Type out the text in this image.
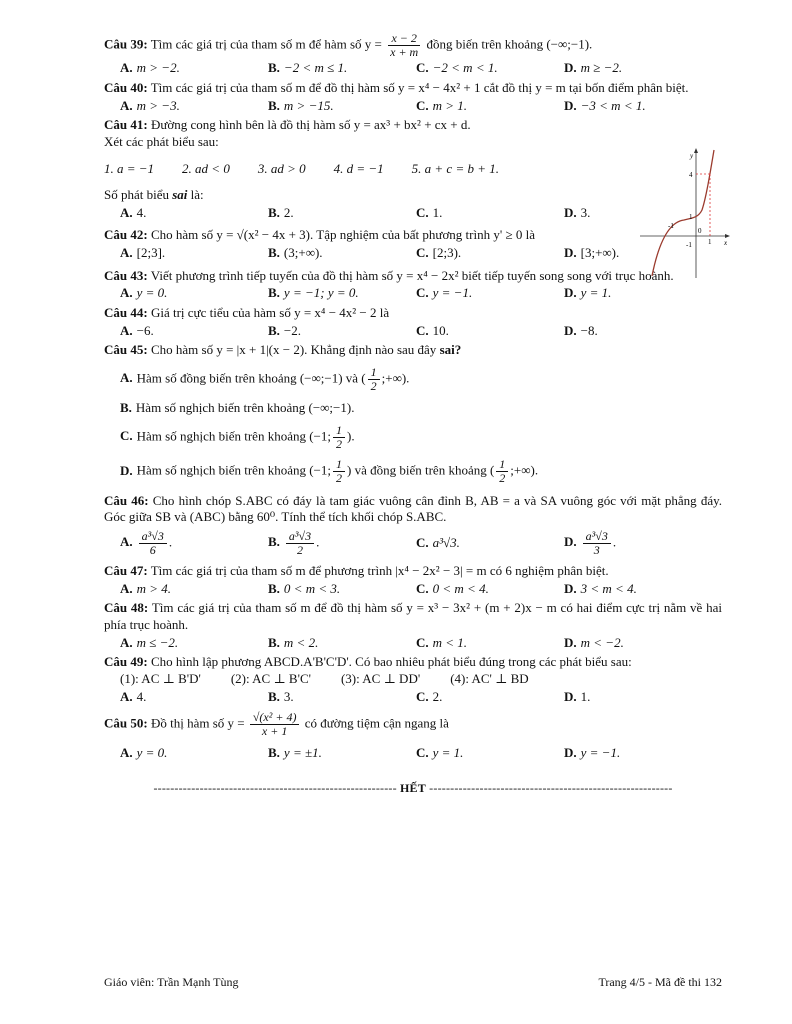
Câu 39: Tìm các giá trị của tham số m để hàm số $y = \frac{x - 2}{x + m}$ đồng biến trên khoảng (−∞;−1).
A. m > −2.	B. −2 < m ≤ 1.	C. −2 < m < 1.	D. m ≥ −2.
Câu 40: Tìm các giá trị của tham số m để đồ thị hàm số y = x⁴ − 4x² + 1 cắt đồ thị y = m tại bốn điểm phân biệt.
A. m > −3.	B. m > −15.	C. m > 1.	D. −3 < m < 1.
Câu 41: Đường cong hình bên là đồ thị hàm số y = ax³ + bx² + cx + d.
Xét các phát biểu sau:
1. a = −1 2. ad < 0 3. ad > 0 4. d = −1 5. a + c = b + 1.
Số phát biểu sai là:
A. 4.	B. 2.	C. 1.	D. 3.
y
x
4
1
0
-1
1
-1
Câu 42: Cho hàm số y = √(x² − 4x + 3). Tập nghiệm của bất phương trình y' ≥ 0 là
A. [2;3].	B. (3;+∞).	C. [2;3).	D. [3;+∞).
Câu 43: Viết phương trình tiếp tuyến của đồ thị hàm số y = x⁴ − 2x² biết tiếp tuyến song song với trục hoành.
A. y = 0.	B. y = −1; y = 0.	C. y = −1.	D. y = 1.
Câu 44: Giá trị cực tiểu của hàm số y = x⁴ − 4x² − 2 là
A. −6.	B. −2.	C. 10.	D. −8.
Câu 45: Cho hàm số y = |x + 1|(x − 2). Khẳng định nào sau đây sai?
A. Hàm số đồng biến trên khoảng (−∞;−1) và ( $\frac{1}{2}$ ;+∞).
B. Hàm số nghịch biến trên khoảng (−∞;−1).
C. Hàm số nghịch biến trên khoảng (−1; $\frac{1}{2}$ ).
D. Hàm số nghịch biến trên khoảng (−1; $\frac{1}{2}$ ) và đồng biến trên khoảng ( $\frac{1}{2}$ ;+∞).
Câu 46: Cho hình chóp S.ABC có đáy là tam giác vuông cân đỉnh B, AB = a và SA vuông góc với mặt phẳng đáy. Góc giữa SB và (ABC) bằng 60⁰. Tính thể tích khối chóp S.ABC.
A. $\frac{\text{a³√3}}{6}$ .	B. $\frac{\text{a³√3}}{2}$ .	C. a³√3.	D. $\frac{\text{a³√3}}{3}$ .
Câu 47: Tìm các giá trị của tham số m để phương trình |x⁴ − 2x² − 3| = m có 6 nghiệm phân biệt.
A. m > 4.	B. 0 < m < 3.	C. 0 < m < 4.	D. 3 < m < 4.
Câu 48: Tìm các giá trị của tham số m để đồ thị hàm số y = x³ − 3x² + (m + 2)x − m có hai điểm cực trị nằm về hai phía trục hoành.
A. m ≤ −2.	B. m < 2.	C. m < 1.	D. m < −2.
Câu 49: Cho hình lập phương ABCD.A'B'C'D'. Có bao nhiêu phát biểu đúng trong các phát biểu sau:
(1): AC ⊥ B'D' (2): AC ⊥ B'C' (3): AC ⊥ DD' (4): AC' ⊥ BD
A. 4.	B. 3.	C. 2.	D. 1.
Câu 50: Đồ thị hàm số $y = \frac{\text{√(x² + 4)}}{x + 1}$ có đường tiệm cận ngang là
A. y = 0.	B. y = ±1.	C. y = 1.	D. y = −1.
---------------------------------------------------------- HẾT ----------------------------------------------------------
Giáo viên: Trần Mạnh Tùng	Trang 4/5 - Mã đề thi 132
